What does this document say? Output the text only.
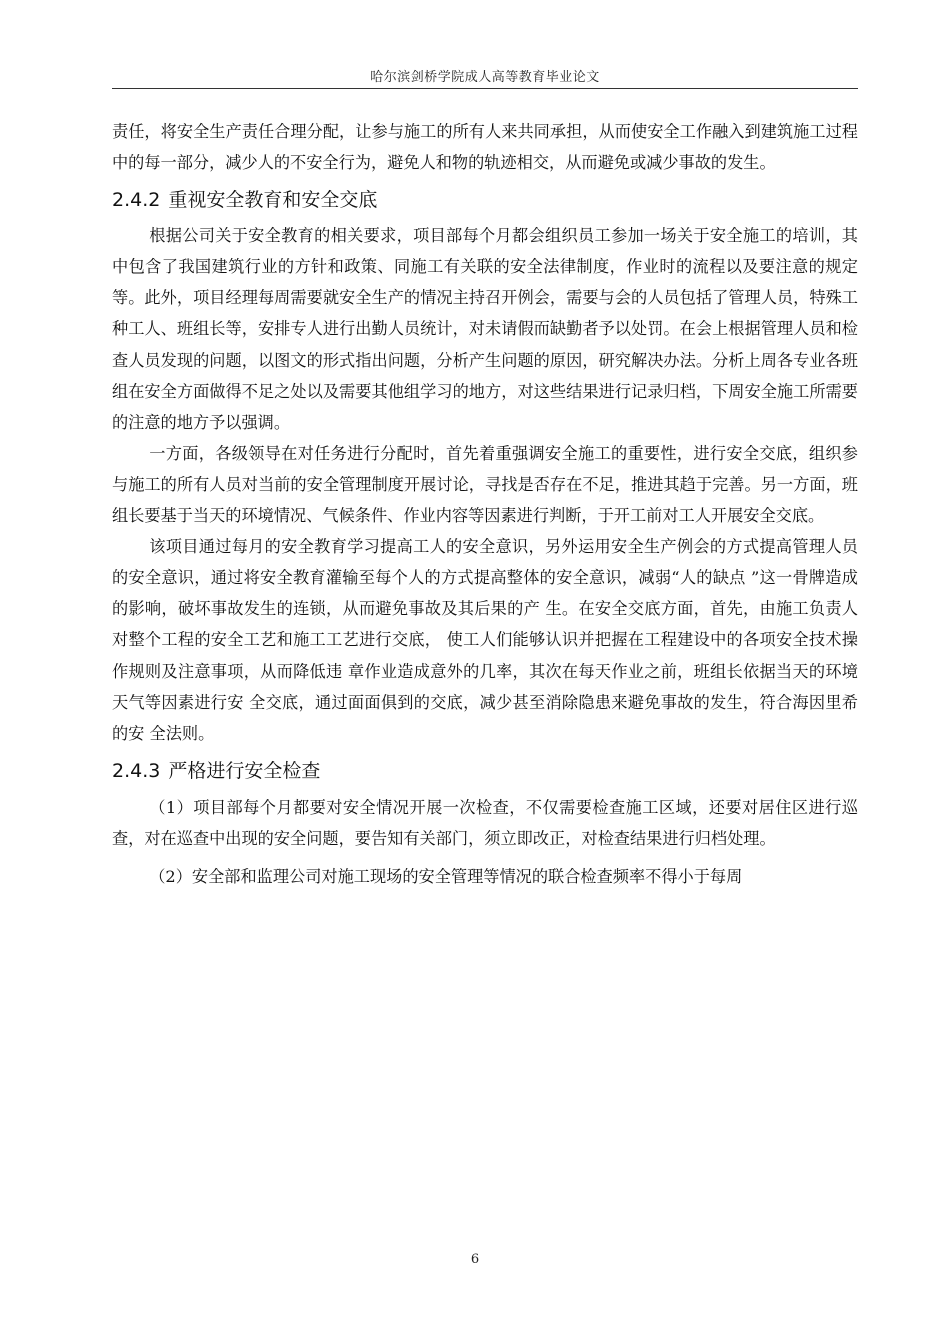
哈尔滨剑桥学院成人高等教育毕业论文

责任，将安全生产责任合理分配，让参与施工的所有人来共同承担，从而使安全工作融入到建筑施工过程中的每一部分，减少人的不安全行为，避免人和物的轨迹相交，从而避免或减少事故的发生。

2.4.2 重视安全教育和安全交底

根据公司关于安全教育的相关要求，项目部每个月都会组织员工参加一场关于安全施工的培训，其中包含了我国建筑行业的方针和政策、同施工有关联的安全法律制度，作业时的流程以及要注意的规定等。此外，项目经理每周需要就安全生产的情况主持召开例会，需要与会的人员包括了管理人员，特殊工种工人、班组长等，安排专人进行出勤人员统计，对未请假而缺勤者予以处罚。在会上根据管理人员和检查人员发现的问题，以图文的形式指出问题，分析产生问题的原因，研究解决办法。分析上周各专业各班组在安全方面做得不足之处以及需要其他组学习的地方，对这些结果进行记录归档，下周安全施工所需要的注意的地方予以强调。

一方面，各级领导在对任务进行分配时，首先着重强调安全施工的重要性，进行安全交底，组织参与施工的所有人员对当前的安全管理制度开展讨论，寻找是否存在不足，推进其趋于完善。另一方面，班组长要基于当天的环境情况、气候条件、作业内容等因素进行判断，于开工前对工人开展安全交底。

该项目通过每月的安全教育学习提高工人的安全意识，另外运用安全生产例会的方式提高管理人员的安全意识，通过将安全教育灌输至每个人的方式提高整体的安全意识，减弱“人的缺点 ”这一骨牌造成的影响，破坏事故发生的连锁，从而避免事故及其后果的产 生。在安全交底方面，首先，由施工负责人对整个工程的安全工艺和施工工艺进行交底， 使工人们能够认识并把握在工程建设中的各项安全技术操作规则及注意事项，从而降低违 章作业造成意外的几率，其次在每天作业之前，班组长依据当天的环境天气等因素进行安 全交底，通过面面俱到的交底，减少甚至消除隐患来避免事故的发生，符合海因里希的安 全法则。

2.4.3 严格进行安全检查

（1）项目部每个月都要对安全情况开展一次检查，不仅需要检查施工区域，还要对居住区进行巡查，对在巡查中出现的安全问题，要告知有关部门，须立即改正，对检查结果进行归档处理。

（2）安全部和监理公司对施工现场的安全管理等情况的联合检查频率不得小于每周

6
